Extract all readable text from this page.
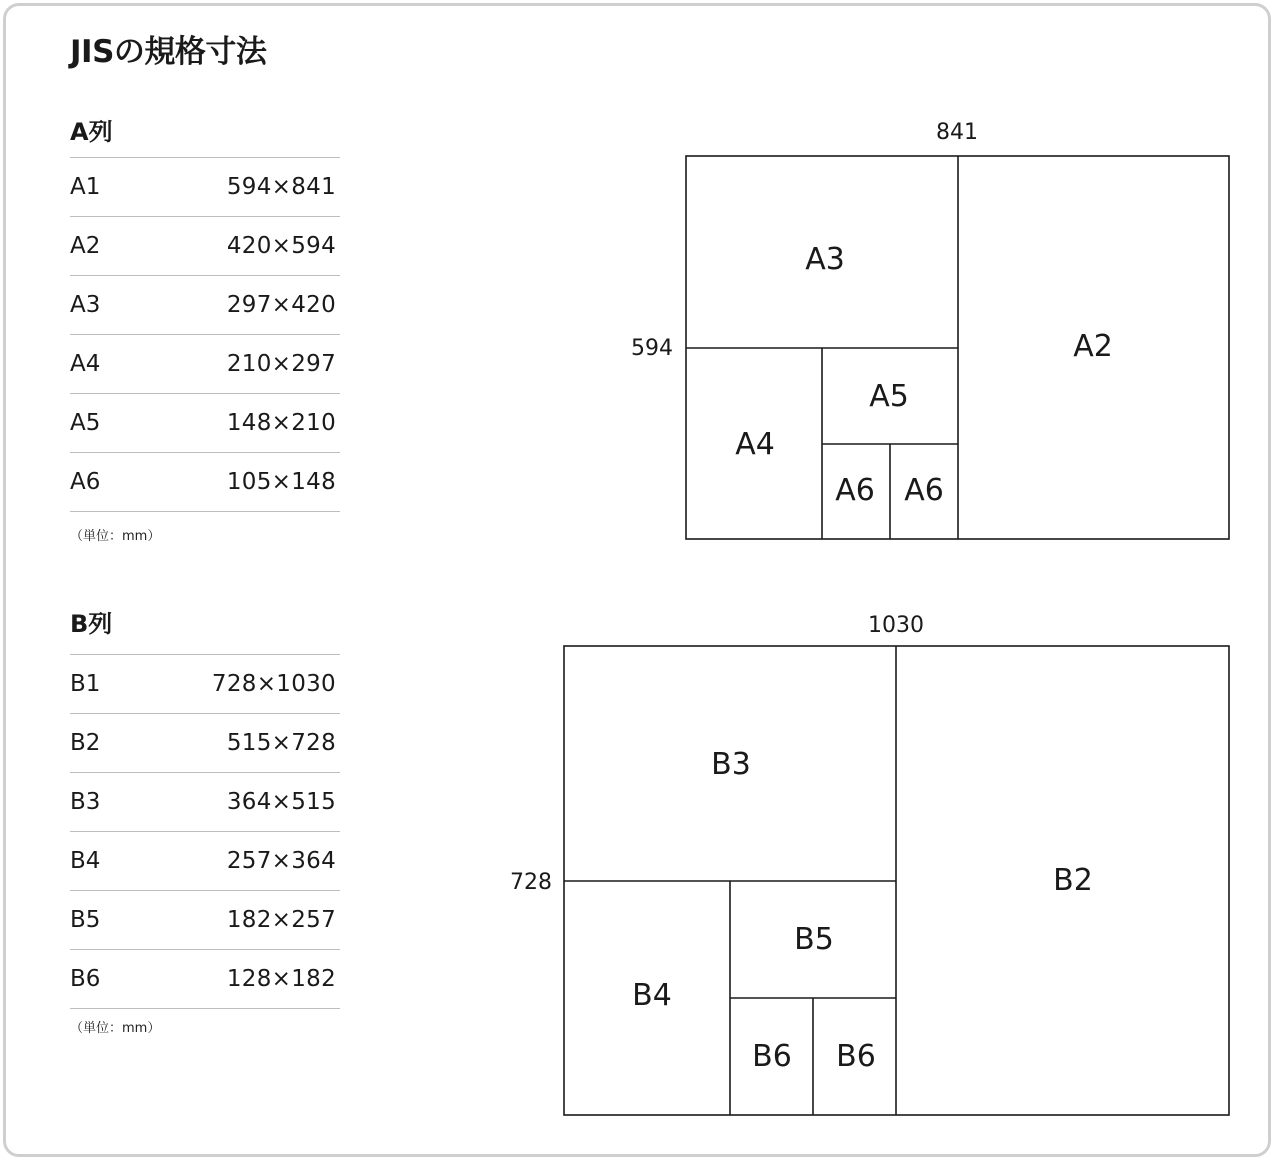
JISの規格寸法
A列
A1	594×841
A2	420×594
A3	297×420
A4	210×297
A5	148×210
A6	105×148
（単位：mm）
B列
B1	728×1030
B2	515×728
B3	364×515
B4	257×364
B5	182×257
B6	128×182
（単位：mm）
841
594	A2
A3
A4
A5
A6 A6
1030
728	B2
B3
B4
B5
B6 B6
